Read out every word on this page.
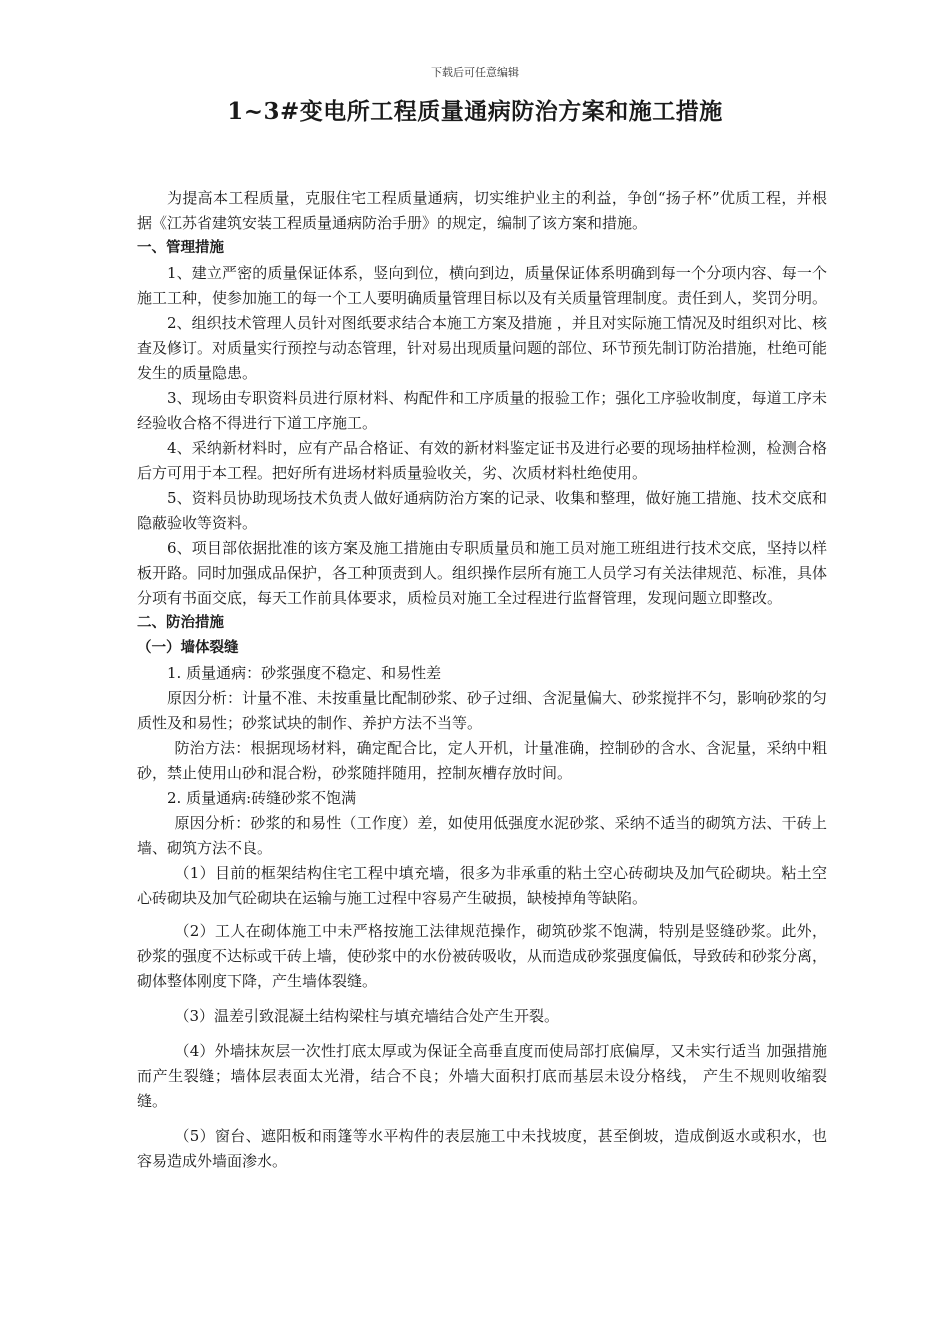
下载后可任意编辑
1~3#变电所工程质量通病防治方案和施工措施

为提高本工程质量，克服住宅工程质量通病，切实维护业主的利益，争创“扬子杯”优质工程，并根据《江苏省建筑安装工程质量通病防治手册》的规定，编制了该方案和措施。

一、管理措施

1、建立严密的质量保证体系，竖向到位，横向到边，质量保证体系明确到每一个分项内容、每一个施工工种，使参加施工的每一个工人要明确质量管理目标以及有关质量管理制度。责任到人，奖罚分明。

2、组织技术管理人员针对图纸要求结合本施工方案及措施 ，并且对实际施工情况及时组织对比、核查及修订。对质量实行预控与动态管理，针对易出现质量问题的部位、环节预先制订防治措施，杜绝可能发生的质量隐患。

3、现场由专职资料员进行原材料、构配件和工序质量的报验工作；强化工序验收制度，每道工序未经验收合格不得进行下道工序施工。

4、采纳新材料时，应有产品合格证、有效的新材料鉴定证书及进行必要的现场抽样检测，检测合格后方可用于本工程。把好所有进场材料质量验收关，劣、次质材料杜绝使用。

5、资料员协助现场技术负责人做好通病防治方案的记录、收集和整理，做好施工措施、技术交底和隐蔽验收等资料。

6、项目部依据批准的该方案及施工措施由专职质量员和施工员对施工班组进行技术交底，坚持以样板开路。同时加强成品保护，各工种顶责到人。组织操作层所有施工人员学习有关法律规范、标准，具体分项有书面交底，每天工作前具体要求，质检员对施工全过程进行监督管理，发现问题立即整改。

二、防治措施

（一）墙体裂缝

1. 质量通病：砂浆强度不稳定、和易性差

原因分析：计量不准、未按重量比配制砂浆、砂子过细、含泥量偏大、砂浆搅拌不匀，影响砂浆的匀质性及和易性；砂浆试块的制作、养护方法不当等。

防治方法：根据现场材料，确定配合比，定人开机，计量准确，控制砂的含水、含泥量，采纳中粗砂，禁止使用山砂和混合粉，砂浆随拌随用，控制灰槽存放时间。

2. 质量通病:砖缝砂浆不饱满

原因分析：砂浆的和易性（工作度）差，如使用低强度水泥砂浆、采纳不适当的砌筑方法、干砖上墙、砌筑方法不良。

（1）目前的框架结构住宅工程中填充墙，很多为非承重的粘土空心砖砌块及加气砼砌块。粘土空心砖砌块及加气砼砌块在运输与施工过程中容易产生破损，缺棱掉角等缺陷。

（2）工人在砌体施工中未严格按施工法律规范操作，砌筑砂浆不饱满，特别是竖缝砂浆。此外，砂浆的强度不达标或干砖上墙，使砂浆中的水份被砖吸收，从而造成砂浆强度偏低，导致砖和砂浆分离，砌体整体刚度下降，产生墙体裂缝。

（3）温差引致混凝土结构梁柱与填充墙结合处产生开裂。

（4）外墙抹灰层一次性打底太厚或为保证全高垂直度而使局部打底偏厚，又未实行适当 加强措施而产生裂缝；墙体层表面太光滑，结合不良；外墙大面积打底而基层未设分格线， 产生不规则收缩裂缝。

（5）窗台、遮阳板和雨篷等水平构件的表层施工中未找坡度，甚至倒坡，造成倒返水或积水，也容易造成外墙面渗水。
